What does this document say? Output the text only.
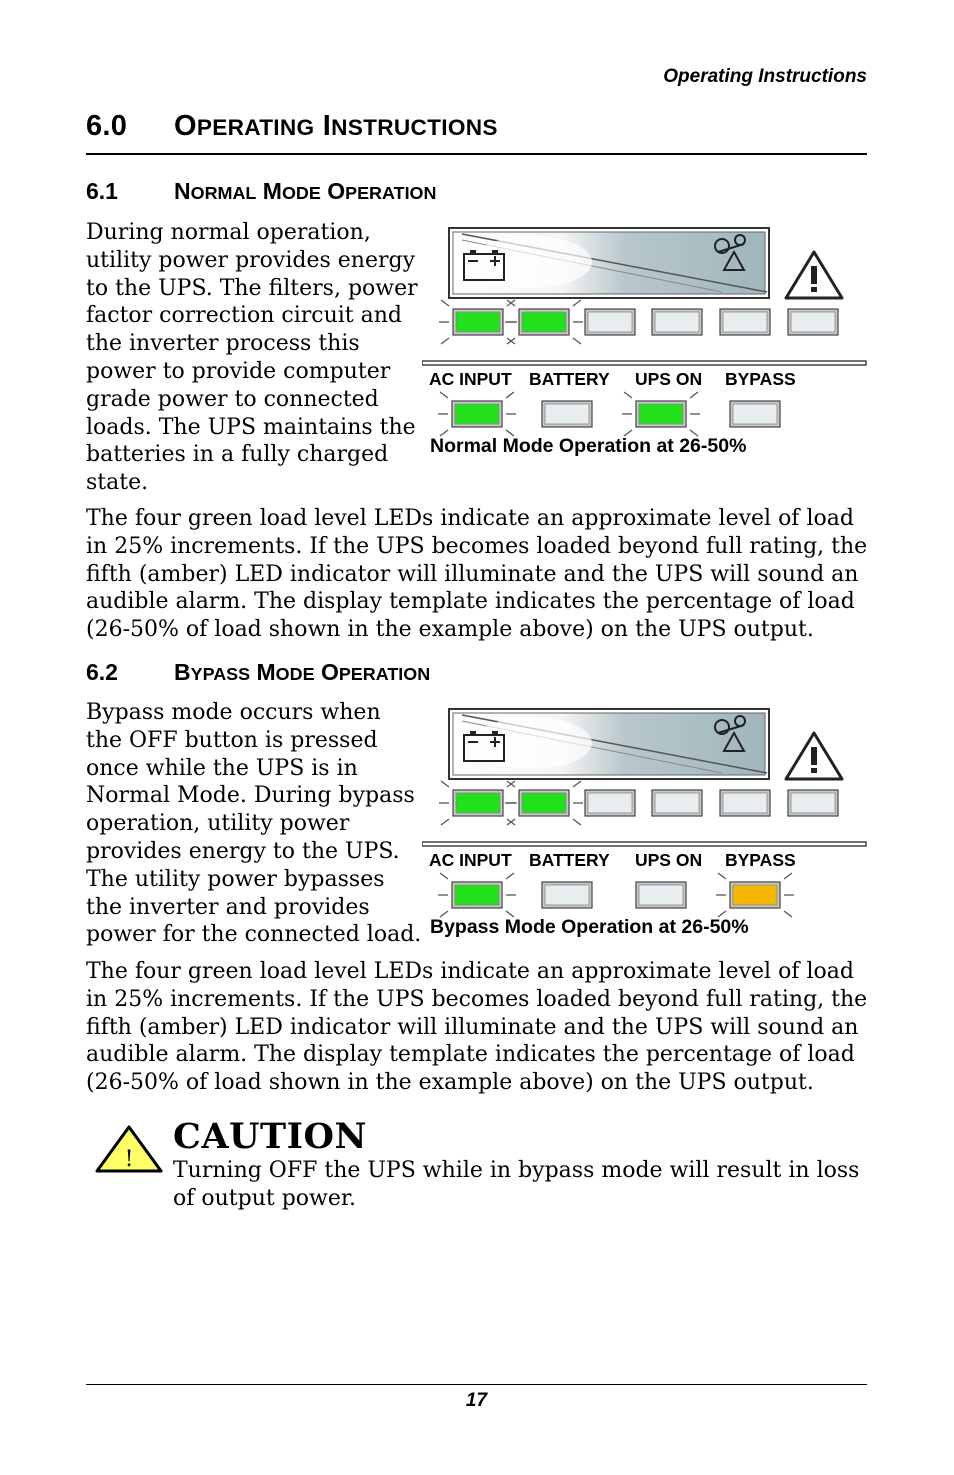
Operating Instructions
6.0 OPERATING INSTRUCTIONS
6.1 NORMAL MODE OPERATION
During normal operation, utility power provides energy to the UPS. The filters, power factor correction circuit and the inverter process this power to provide computer grade power to connected loads. The UPS maintains the batteries in a fully charged state.
AC INPUT BATTERY UPS ON BYPASS
Normal Mode Operation at 26-50%
The four green load level LEDs indicate an approximate level of load in 25% increments. If the UPS becomes loaded beyond full rating, the fifth (amber) LED indicator will illuminate and the UPS will sound an audible alarm. The display template indicates the percentage of load (26-50% of load shown in the example above) on the UPS output.
6.2 BYPASS MODE OPERATION
Bypass mode occurs when the OFF button is pressed once while the UPS is in Normal Mode. During bypass operation, utility power provides energy to the UPS. The utility power bypasses the inverter and provides power for the connected load.
AC INPUT BATTERY UPS ON BYPASS
Bypass Mode Operation at 26-50%
The four green load level LEDs indicate an approximate level of load in 25% increments. If the UPS becomes loaded beyond full rating, the fifth (amber) LED indicator will illuminate and the UPS will sound an audible alarm. The display template indicates the percentage of load (26-50% of load shown in the example above) on the UPS output.
!
CAUTION
Turning OFF the UPS while in bypass mode will result in loss of output power.
17
